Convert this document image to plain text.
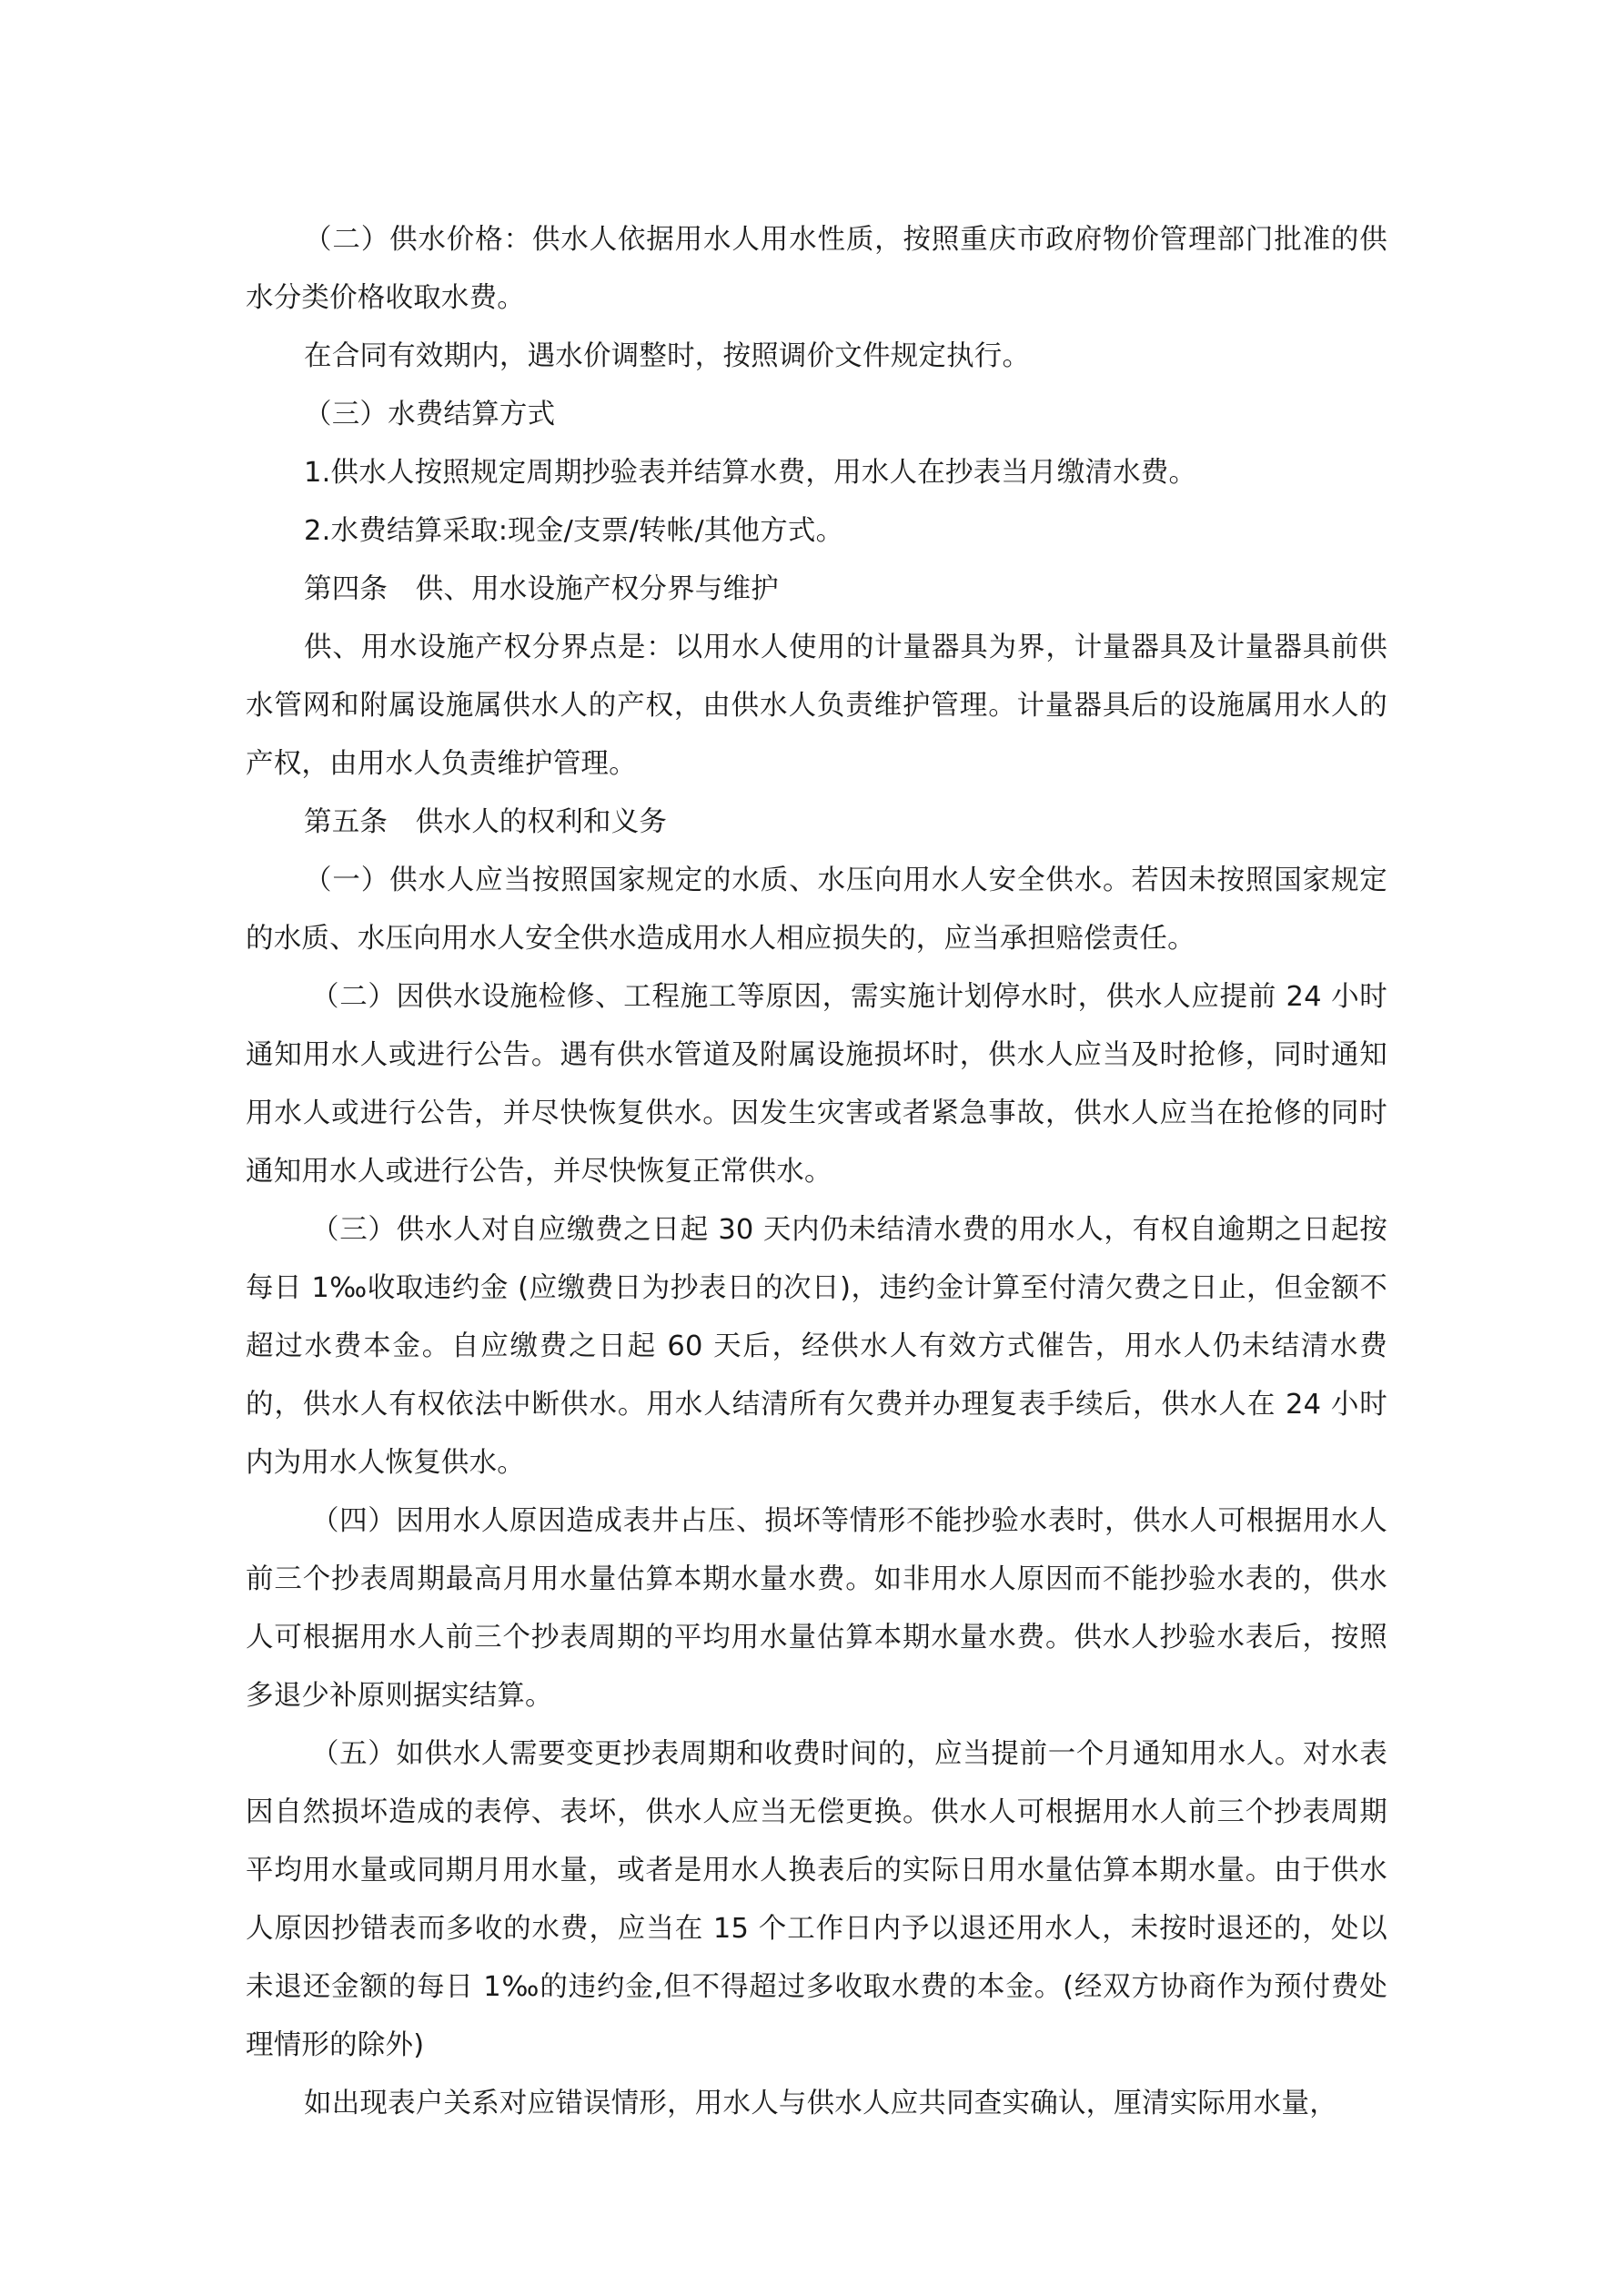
（二）供水价格：供水人依据用水人用水性质，按照重庆市政府物价管理部门批准的供水分类价格收取水费。

在合同有效期内，遇水价调整时，按照调价文件规定执行。

（三）水费结算方式

1.供水人按照规定周期抄验表并结算水费，用水人在抄表当月缴清水费。

2.水费结算采取:现金/支票/转帐/其他方式。

第四条　供、用水设施产权分界与维护

供、用水设施产权分界点是：以用水人使用的计量器具为界，计量器具及计量器具前供水管网和附属设施属供水人的产权，由供水人负责维护管理。计量器具后的设施属用水人的产权，由用水人负责维护管理。

第五条　供水人的权利和义务

（一）供水人应当按照国家规定的水质、水压向用水人安全供水。若因未按照国家规定的水质、水压向用水人安全供水造成用水人相应损失的，应当承担赔偿责任。

（二）因供水设施检修、工程施工等原因，需实施计划停水时，供水人应提前 24 小时通知用水人或进行公告。遇有供水管道及附属设施损坏时，供水人应当及时抢修，同时通知用水人或进行公告，并尽快恢复供水。因发生灾害或者紧急事故，供水人应当在抢修的同时通知用水人或进行公告，并尽快恢复正常供水。

（三）供水人对自应缴费之日起 30 天内仍未结清水费的用水人，有权自逾期之日起按每日 1‰收取违约金 (应缴费日为抄表日的次日)，违约金计算至付清欠费之日止，但金额不超过水费本金。自应缴费之日起 60 天后，经供水人有效方式催告，用水人仍未结清水费的，供水人有权依法中断供水。用水人结清所有欠费并办理复表手续后，供水人在 24 小时内为用水人恢复供水。

（四）因用水人原因造成表井占压、损坏等情形不能抄验水表时，供水人可根据用水人前三个抄表周期最高月用水量估算本期水量水费。如非用水人原因而不能抄验水表的，供水人可根据用水人前三个抄表周期的平均用水量估算本期水量水费。供水人抄验水表后，按照多退少补原则据实结算。

（五）如供水人需要变更抄表周期和收费时间的，应当提前一个月通知用水人。对水表因自然损坏造成的表停、表坏，供水人应当无偿更换。供水人可根据用水人前三个抄表周期平均用水量或同期月用水量，或者是用水人换表后的实际日用水量估算本期水量。由于供水人原因抄错表而多收的水费，应当在 15 个工作日内予以退还用水人，未按时退还的，处以未退还金额的每日 1‰的违约金,但不得超过多收取水费的本金。(经双方协商作为预付费处理情形的除外)

如出现表户关系对应错误情形，用水人与供水人应共同查实确认，厘清实际用水量，
